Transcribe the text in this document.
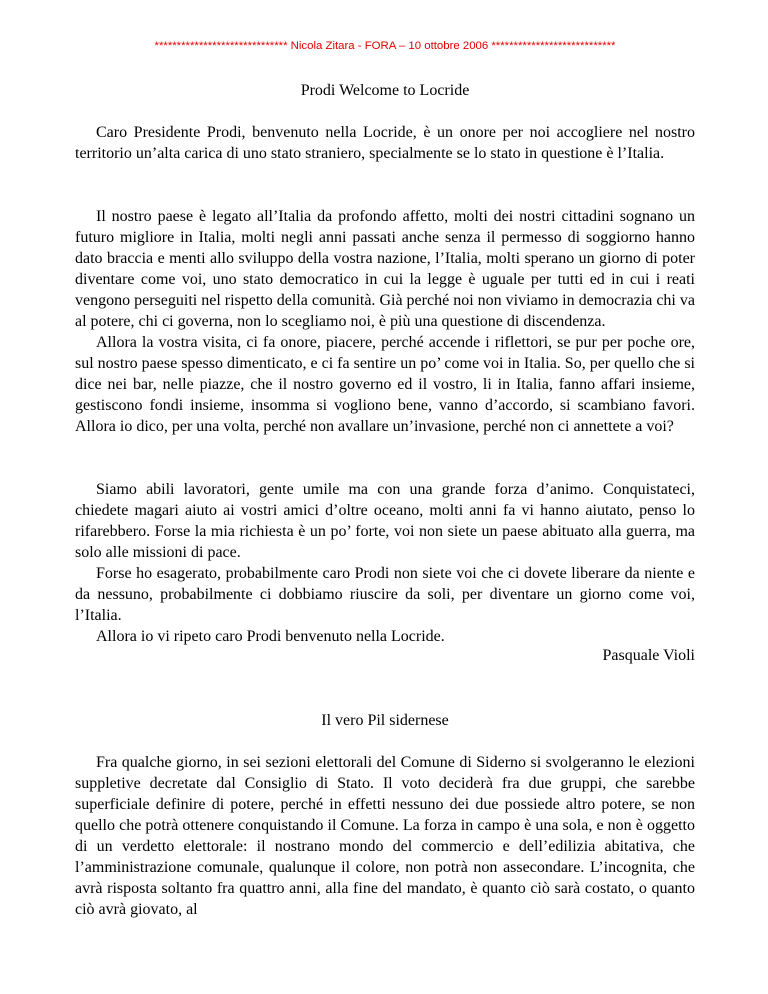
****************************** Nicola Zitara - FORA – 10 ottobre 2006 ****************************
Prodi Welcome to Locride

Caro Presidente Prodi, benvenuto nella Locride, è un onore per noi accogliere nel nostro territorio un’alta carica di uno stato straniero, specialmente se lo stato in questione è l’Italia.

Il nostro paese è legato all’Italia da profondo affetto, molti dei nostri cittadini sognano un futuro migliore in Italia, molti negli anni passati anche senza il permesso di soggiorno hanno dato braccia e menti allo sviluppo della vostra nazione, l’Italia, molti sperano un giorno di poter diventare come voi, uno stato democratico in cui la legge è uguale per tutti ed in cui i reati vengono perseguiti nel rispetto della comunità. Già perché noi non viviamo in democrazia chi va al potere, chi ci governa, non lo scegliamo noi, è più una questione di discendenza.

Allora la vostra visita, ci fa onore, piacere, perché accende i riflettori, se pur per poche ore, sul nostro paese spesso dimenticato, e ci fa sentire un po’ come voi in Italia. So, per quello che si dice nei bar, nelle piazze, che il nostro governo ed il vostro, li in Italia, fanno affari insieme, gestiscono fondi insieme, insomma si vogliono bene, vanno d’accordo, si scambiano favori. Allora io dico, per una volta, perché non avallare un’invasione, perché non ci annettete a voi?

Siamo abili lavoratori, gente umile ma con una grande forza d’animo. Conquistateci, chiedete magari aiuto ai vostri amici d’oltre oceano, molti anni fa vi hanno aiutato, penso lo rifarebbero. Forse la mia richiesta è un po’ forte, voi non siete un paese abituato alla guerra, ma solo alle missioni di pace.

Forse ho esagerato, probabilmente caro Prodi non siete voi che ci dovete liberare da niente e da nessuno, probabilmente ci dobbiamo riuscire da soli, per diventare un giorno come voi, l’Italia.

Allora io vi ripeto caro Prodi benvenuto nella Locride.

Pasquale Violi
Il vero Pil sidernese

Fra qualche giorno, in sei sezioni elettorali del Comune di Siderno si svolgeranno le elezioni suppletive decretate dal Consiglio di Stato. Il voto deciderà fra due gruppi, che sarebbe superficiale definire di potere, perché in effetti nessuno dei due possiede altro potere, se non quello che potrà ottenere conquistando il Comune. La forza in campo è una sola, e non è oggetto di un verdetto elettorale: il nostrano mondo del commercio e dell’edilizia abitativa, che l’amministrazione comunale, qualunque il colore, non potrà non assecondare. L’incognita, che avrà risposta soltanto fra quattro anni, alla fine del mandato, è quanto ciò sarà costato, o quanto ciò avrà giovato, al
